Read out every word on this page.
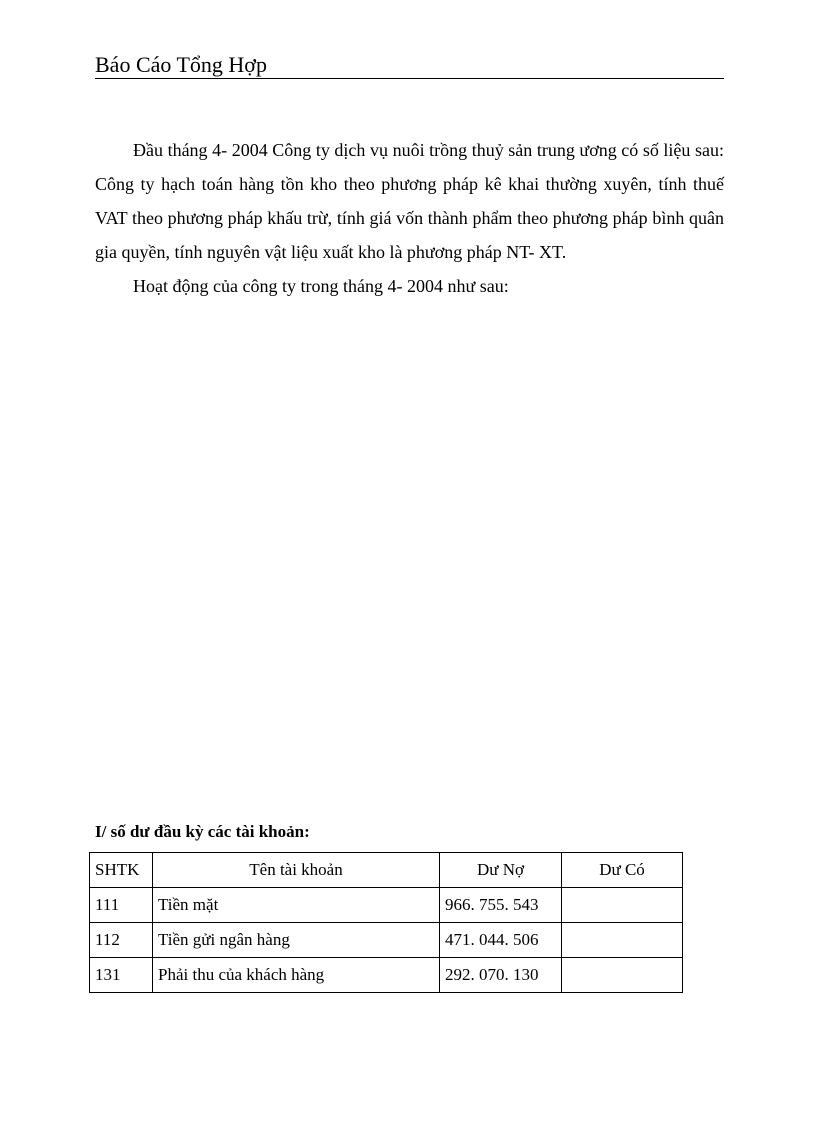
Báo Cáo Tổng Hợp

Đầu tháng 4- 2004 Công ty dịch vụ nuôi trồng thuỷ sản trung ương có số liệu sau: Công ty hạch toán hàng tồn kho theo phương pháp kê khai thường xuyên, tính thuế VAT theo phương pháp khấu trừ, tính giá vốn thành phẩm theo phương pháp bình quân gia quyền, tính nguyên vật liệu xuất kho là phương pháp NT- XT.

Hoạt động của công ty trong tháng 4- 2004 như sau:

I/ số dư đầu kỳ các tài khoản:
SHTK	Tên tài khoản	Dư Nợ	Dư Có
111	Tiền mặt	966. 755. 543	
112	Tiền gửi ngân hàng	471. 044. 506	
131	Phải thu của khách hàng	292. 070. 130	
